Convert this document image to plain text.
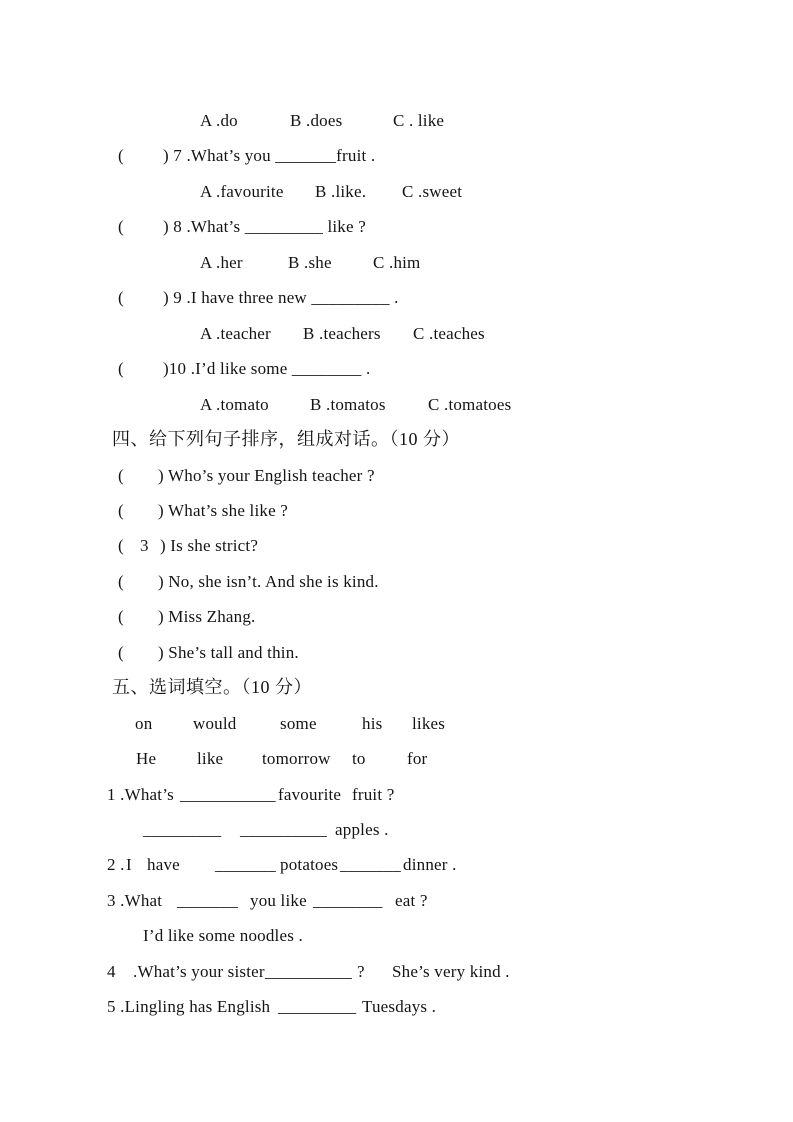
A .do	B .does	C . like
( ) 7 .What’s you _______fruit .
A .favourite B .like. C .sweet
( ) 8 .What’s _________ like ?
A .her	B .she C .him
( ) 9 .I have three new _________ .
A .teacher B .teachers C .teaches
( )10 .I’d like some ________ .
A .tomato B .tomatos C .tomatoes
四、给下列句子排序，组成对话。（10 分）
( ) Who’s your English teacher ?
( ) What’s she like ?
( 3 ) Is she strict?
( ) No, she isn’t. And she is kind.
( ) Miss Zhang.
( ) She’s tall and thin.
五、选词填空。（10 分）
on would	some	his likes
He like tomorrow to for
1 .What’s ___________ favourite fruit ?
_________ __________ apples .
2 . I have _______ potatoes _______ dinner .
3 .What _______ you like ________ eat ?
I’d like some noodles .
4 .What’s your sister __________ ? She’s very kind .
5 .Lingling has English _________ Tuesdays .
